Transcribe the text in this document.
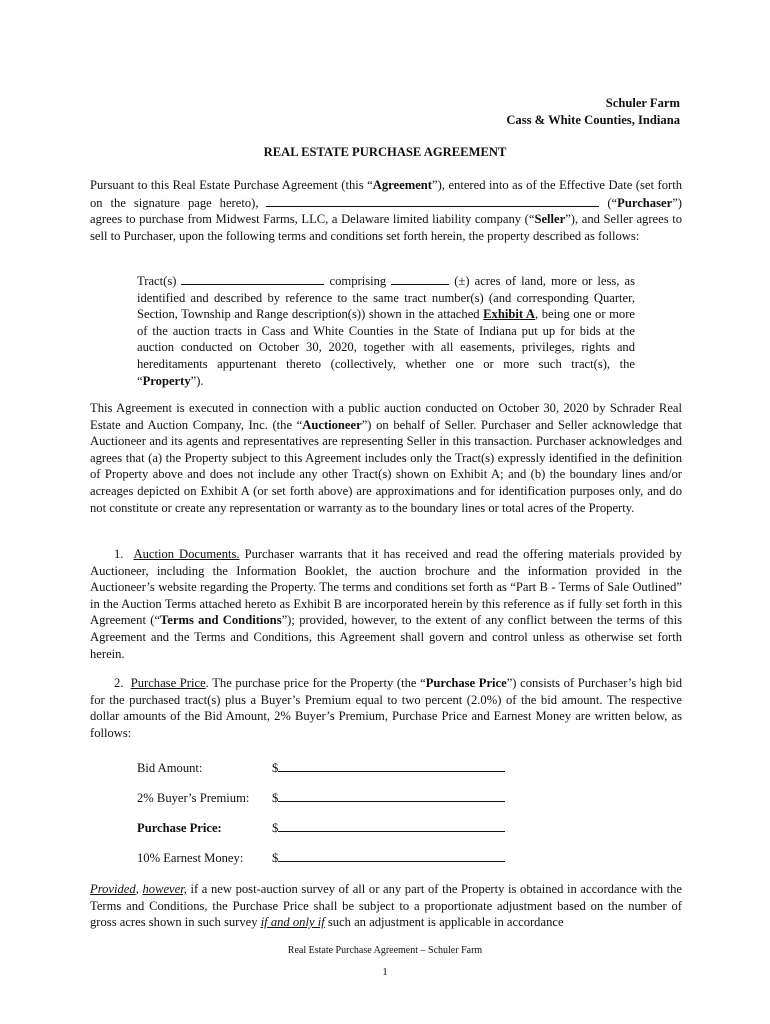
Schuler Farm
Cass & White Counties, Indiana
REAL ESTATE PURCHASE AGREEMENT
Pursuant to this Real Estate Purchase Agreement (this “Agreement”), entered into as of the Effective Date (set forth on the signature page hereto),	(“Purchaser”) agrees to purchase from Midwest Farms, LLC, a Delaware limited liability company (“Seller”), and Seller agrees to sell to Purchaser, upon the following terms and conditions set forth herein, the property described as follows:
Tract(s)	comprising	(±) acres of land, more or less, as identified and described by reference to the same tract number(s) (and corresponding Quarter, Section, Township and Range description(s)) shown in the attached Exhibit A, being one or more of the auction tracts in Cass and White Counties in the State of Indiana put up for bids at the auction conducted on October 30, 2020, together with all easements, privileges, rights and hereditaments appurtenant thereto (collectively, whether one or more such tract(s), the “Property”).
This Agreement is executed in connection with a public auction conducted on October 30, 2020 by Schrader Real Estate and Auction Company, Inc. (the “Auctioneer”) on behalf of Seller. Purchaser and Seller acknowledge that Auctioneer and its agents and representatives are representing Seller in this transaction. Purchaser acknowledges and agrees that (a) the Property subject to this Agreement includes only the Tract(s) expressly identified in the definition of Property above and does not include any other Tract(s) shown on Exhibit A; and (b) the boundary lines and/or acreages depicted on Exhibit A (or set forth above) are approximations and for identification purposes only, and do not constitute or create any representation or warranty as to the boundary lines or total acres of the Property.
1. Auction Documents. Purchaser warrants that it has received and read the offering materials provided by Auctioneer, including the Information Booklet, the auction brochure and the information provided in the Auctioneer’s website regarding the Property. The terms and conditions set forth as “Part B - Terms of Sale Outlined” in the Auction Terms attached hereto as Exhibit B are incorporated herein by this reference as if fully set forth in this Agreement (“Terms and Conditions”); provided, however, to the extent of any conflict between the terms of this Agreement and the Terms and Conditions, this Agreement shall govern and control unless as otherwise set forth herein.
2. Purchase Price. The purchase price for the Property (the “Purchase Price”) consists of Purchaser’s high bid for the purchased tract(s) plus a Buyer’s Premium equal to two percent (2.0%) of the bid amount. The respective dollar amounts of the Bid Amount, 2% Buyer’s Premium, Purchase Price and Earnest Money are written below, as follows:
Bid Amount:	$
2% Buyer’s Premium: $
Purchase Price:	$
10% Earnest Money: $
Provided, however, if a new post-auction survey of all or any part of the Property is obtained in accordance with the Terms and Conditions, the Purchase Price shall be subject to a proportionate adjustment based on the number of gross acres shown in such survey if and only if such an adjustment is applicable in accordance
Real Estate Purchase Agreement – Schuler Farm
1
